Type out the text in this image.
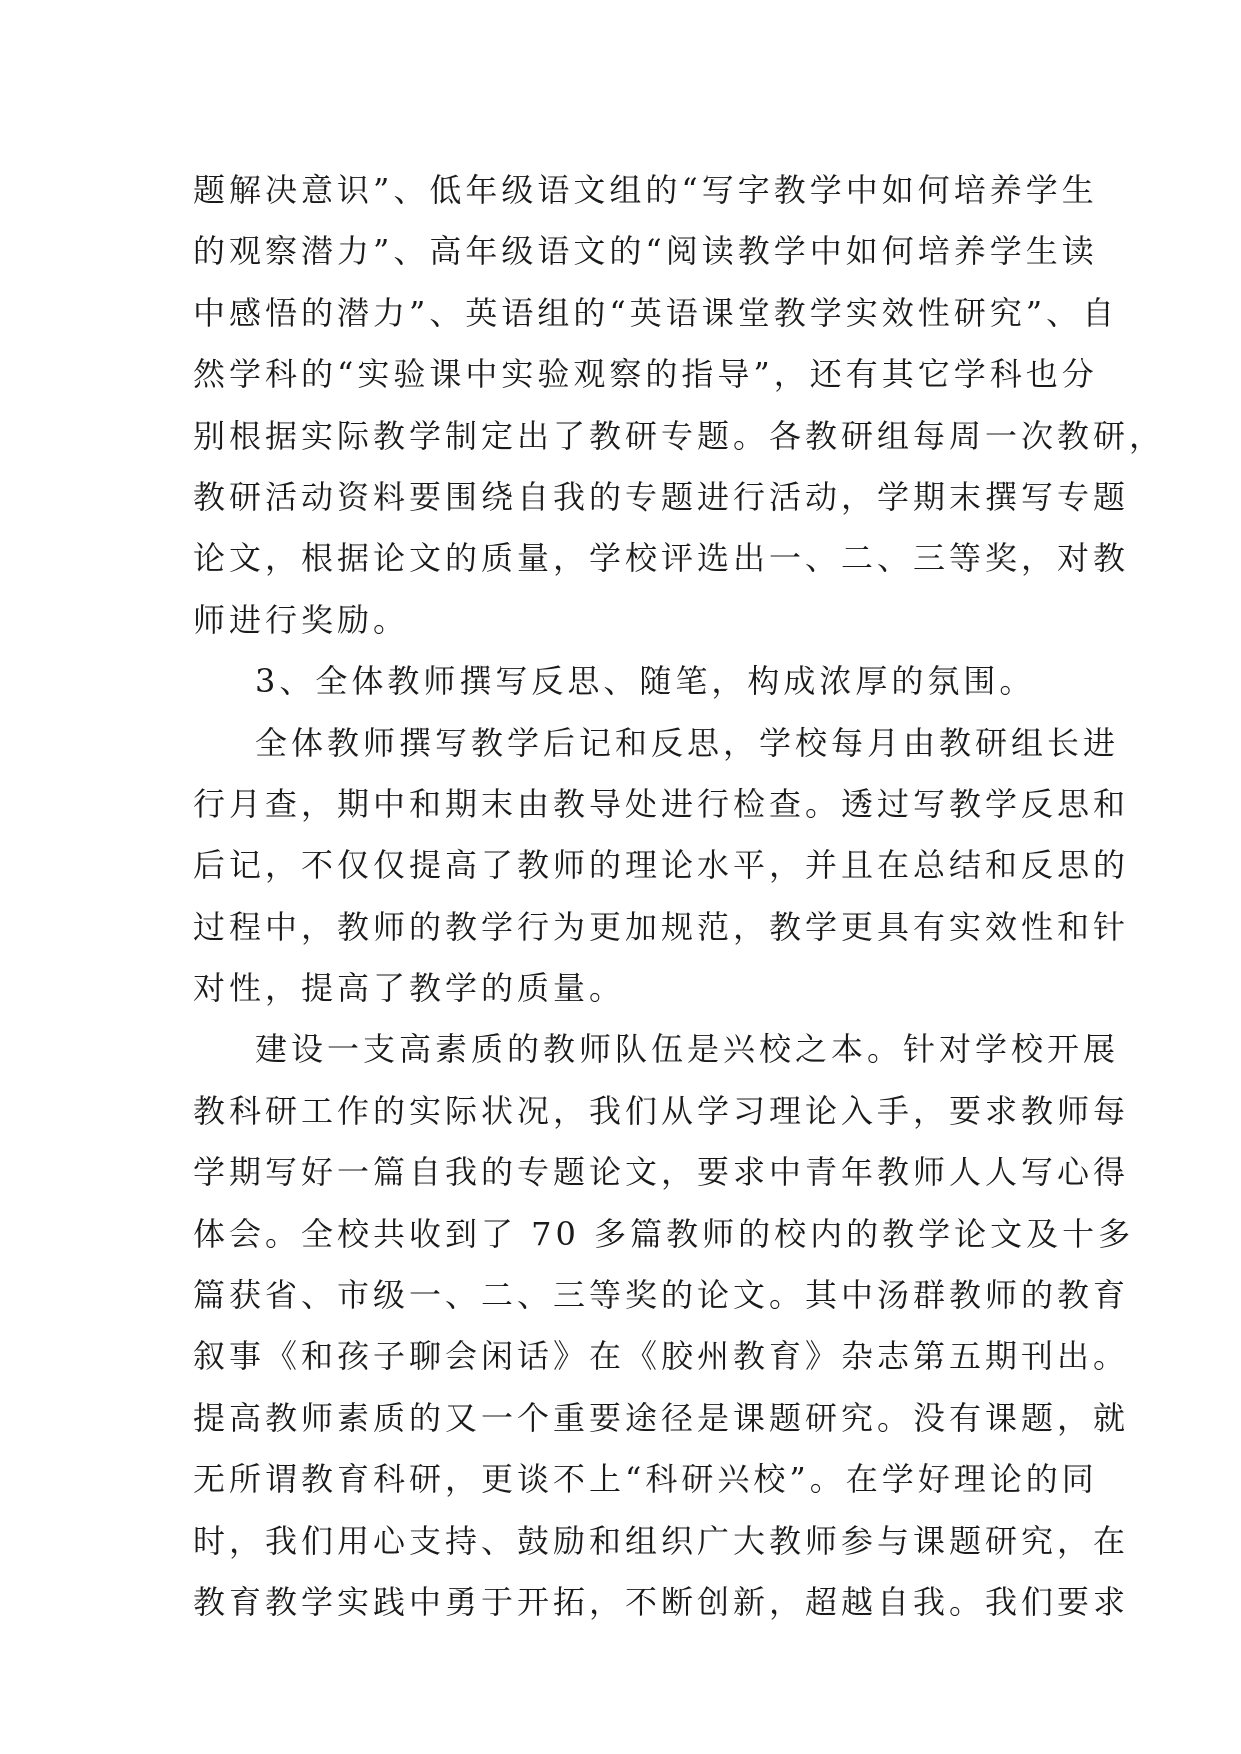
题解决意识”、低年级语文组的“写字教学中如何培养学生
的观察潜力”、高年级语文的“阅读教学中如何培养学生读
中感悟的潜力”、英语组的“英语课堂教学实效性研究”、自
然学科的“实验课中实验观察的指导”，还有其它学科也分
别根据实际教学制定出了教研专题。各教研组每周一次教研，
教研活动资料要围绕自我的专题进行活动，学期末撰写专题
论文，根据论文的质量，学校评选出一、二、三等奖，对教
师进行奖励。
3、全体教师撰写反思、随笔，构成浓厚的氛围。
全体教师撰写教学后记和反思，学校每月由教研组长进
行月查，期中和期末由教导处进行检查。透过写教学反思和
后记，不仅仅提高了教师的理论水平，并且在总结和反思的
过程中，教师的教学行为更加规范，教学更具有实效性和针
对性，提高了教学的质量。
建设一支高素质的教师队伍是兴校之本。针对学校开展
教科研工作的实际状况，我们从学习理论入手，要求教师每
学期写好一篇自我的专题论文，要求中青年教师人人写心得
体会。全校共收到了 70 多篇教师的校内的教学论文及十多
篇获省、市级一、二、三等奖的论文。其中汤群教师的教育
叙事《和孩子聊会闲话》在《胶州教育》杂志第五期刊出。
提高教师素质的又一个重要途径是课题研究。没有课题，就
无所谓教育科研，更谈不上“科研兴校”。在学好理论的同
时，我们用心支持、鼓励和组织广大教师参与课题研究，在
教育教学实践中勇于开拓，不断创新，超越自我。我们要求
